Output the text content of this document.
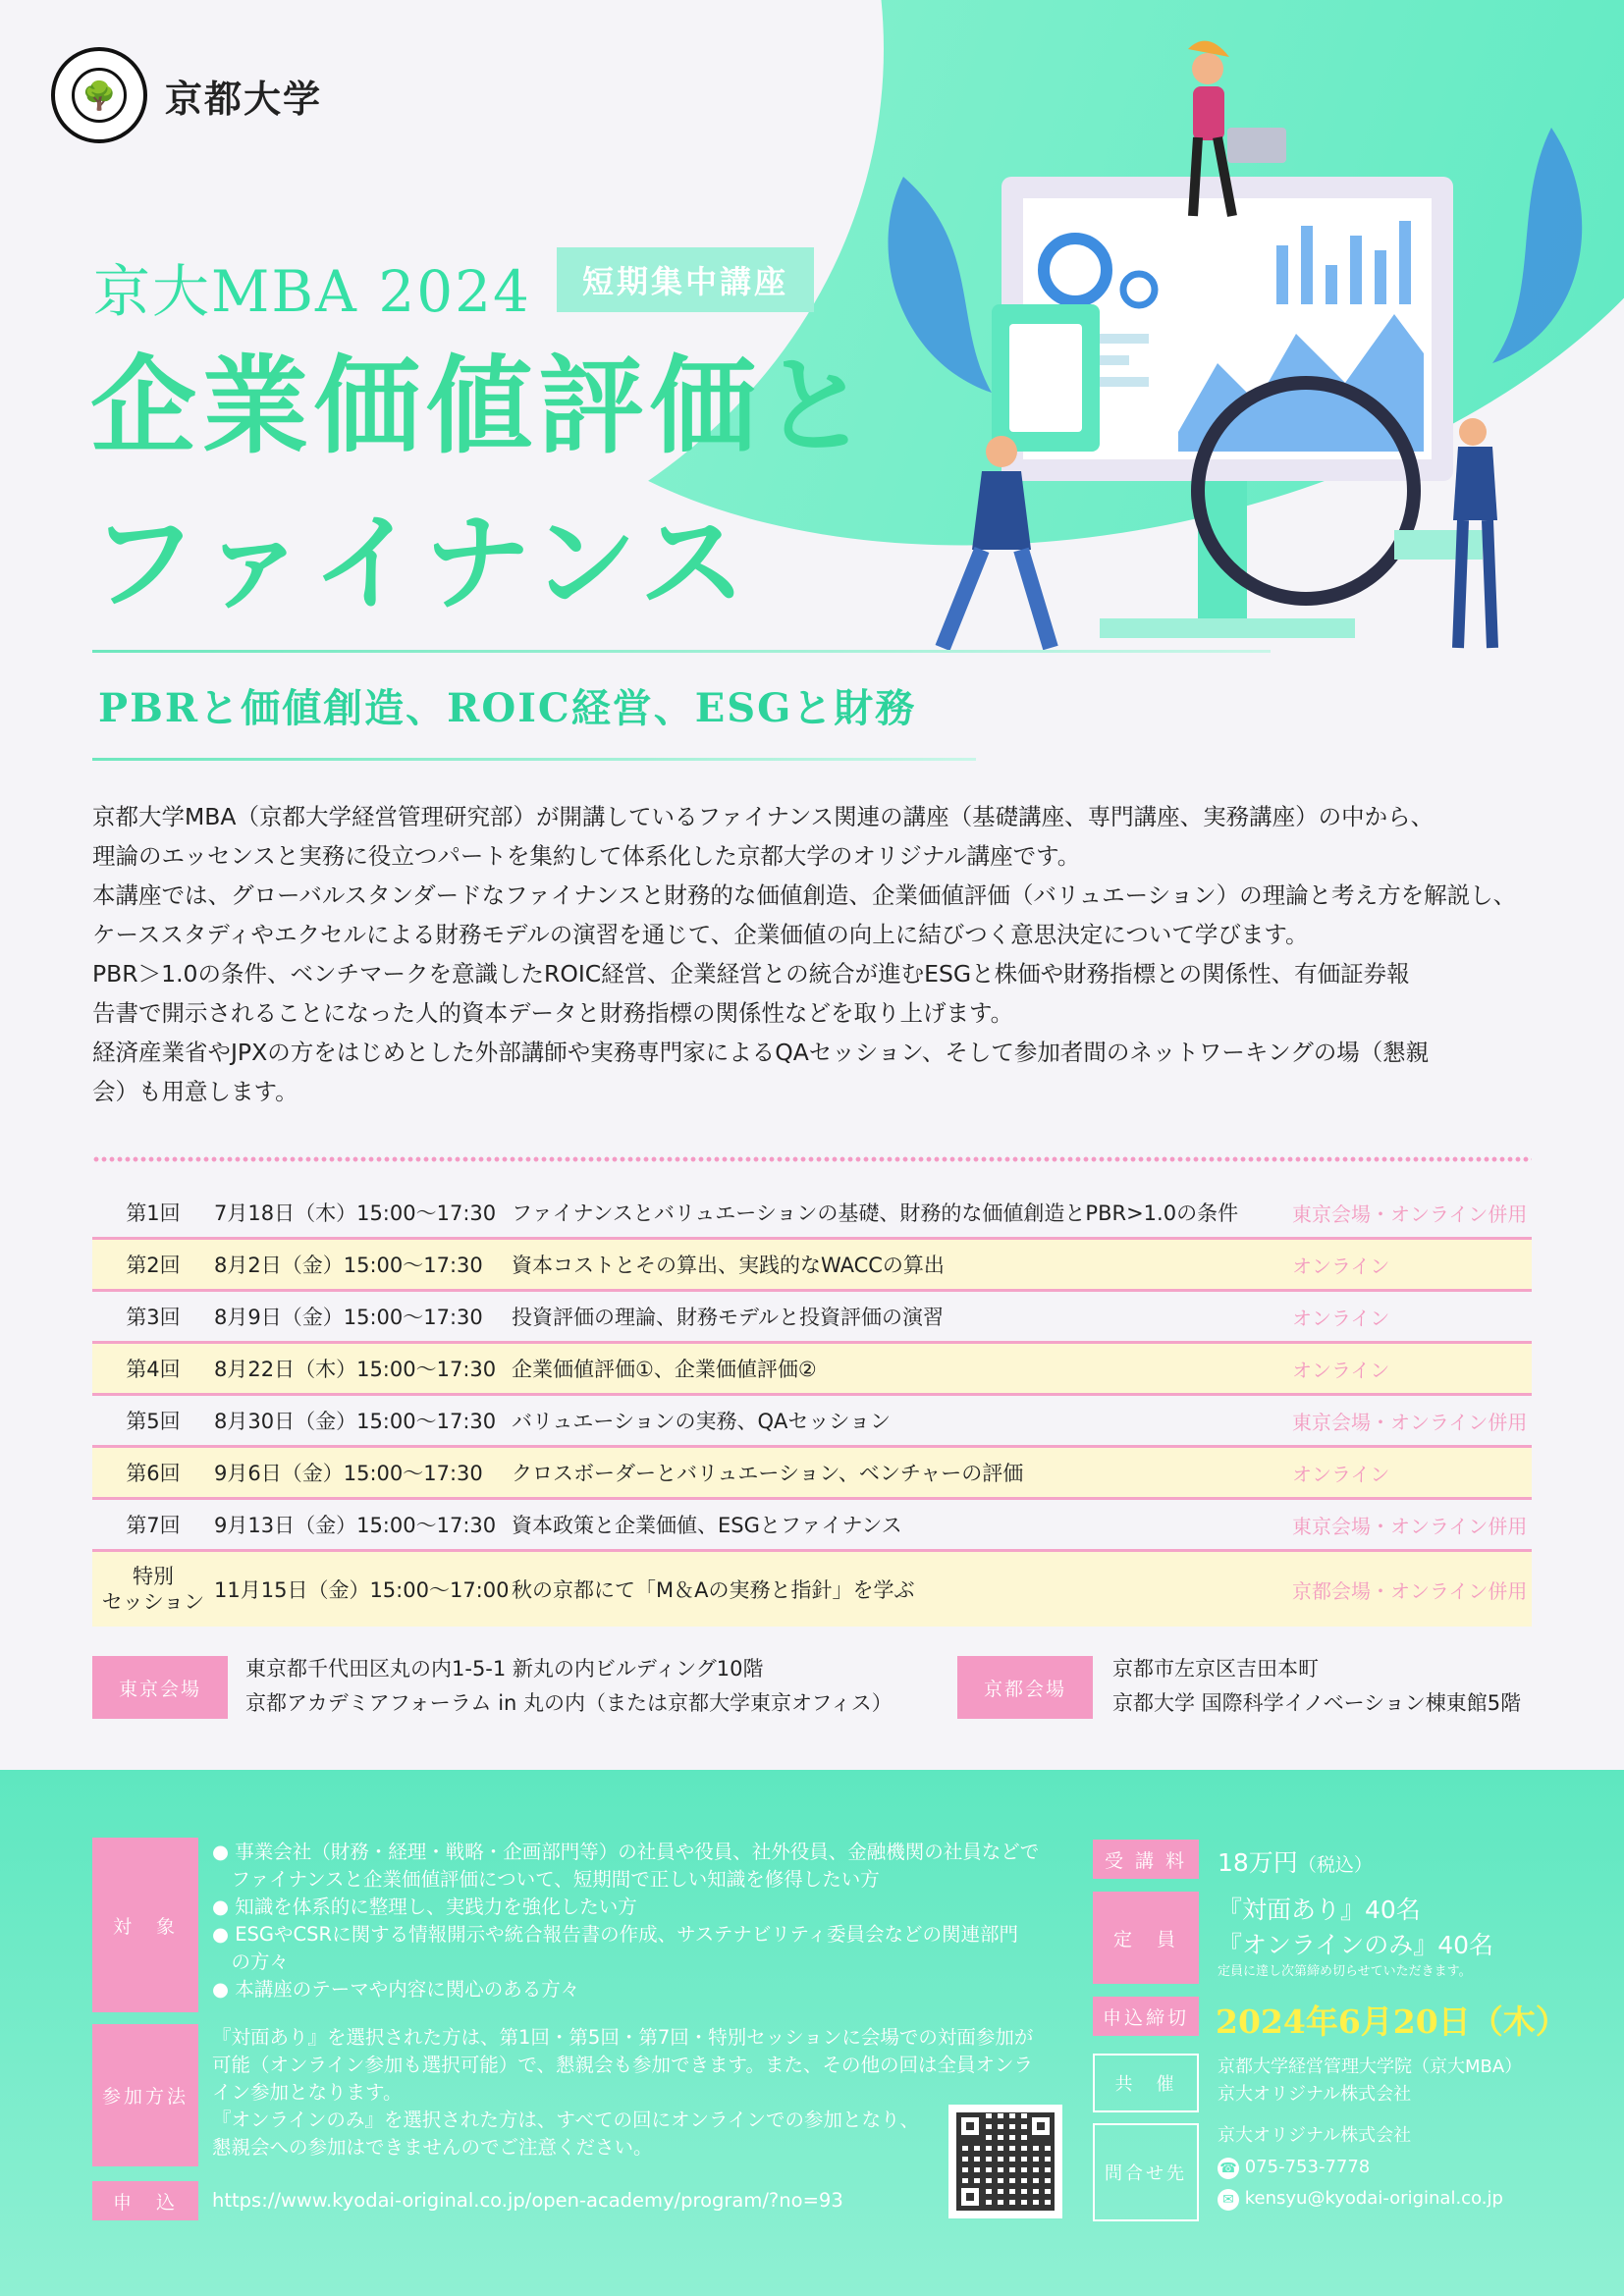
🌳 京都大学
京大MBA 2024	短期集中講座
企業価値評価と
ファイナンス
PBRと価値創造、ROIC経営、ESGと財務

京都大学MBA（京都大学経営管理研究部）が開講しているファイナンス関連の講座（基礎講座、専門講座、実務講座）の中から、

理論のエッセンスと実務に役立つパートを集約して体系化した京都大学のオリジナル講座です。

本講座では、グローバルスタンダードなファイナンスと財務的な価値創造、企業価値評価（バリュエーション）の理論と考え方を解説し、

ケーススタディやエクセルによる財務モデルの演習を通じて、企業価値の向上に結びつく意思決定について学びます。

PBR＞1.0の条件、ベンチマークを意識したROIC経営、企業経営との統合が進むESGと株価や財務指標との関係性、有価証券報

告書で開示されることになった人的資本データと財務指標の関係性などを取り上げます。

経済産業省やJPXの方をはじめとした外部講師や実務専門家によるQAセッション、そして参加者間のネットワーキングの場（懇親

会）も用意します。

第1回	7月18日（木）15:00〜17:30 ファイナンスとバリュエーションの基礎、財務的な価値創造とPBR>1.0の条件	東京会場・オンライン併用
第2回	8月2日（金）15:00〜17:30	資本コストとその算出、実践的なWACCの算出	オンライン
第3回	8月9日（金）15:00〜17:30	投資評価の理論、財務モデルと投資評価の演習	オンライン
第4回	8月22日（木）15:00〜17:30 企業価値評価①、企業価値評価②	オンライン
第5回	8月30日（金）15:00〜17:30 バリュエーションの実務、QAセッション	東京会場・オンライン併用
第6回	9月6日（金）15:00〜17:30	クロスボーダーとバリュエーション、ベンチャーの評価	オンライン
第7回	9月13日（金）15:00〜17:30 資本政策と企業価値、ESGとファイナンス	東京会場・オンライン併用
特別
セッション 11月15日（金）15:00〜17:00 秋の京都にて「M＆Aの実務と指針」を学ぶ	京都会場・オンライン併用
東京会場
東京都千代田区丸の内1-5-1 新丸の内ビルディング10階
京都アカデミアフォーラム in 丸の内（または京都大学東京オフィス）
京都会場
京都市左京区吉田本町
京都大学 国際科学イノベーション棟東館5階
対　象
● 事業会社（財務・経理・戦略・企画部門等）の社員や役員、社外役員、金融機関の社員などで
　ファイナンスと企業価値評価について、短期間で正しい知識を修得したい方
● 知識を体系的に整理し、実践力を強化したい方
● ESGやCSRに関する情報開示や統合報告書の作成、サステナビリティ委員会などの関連部門
　の方々
● 本講座のテーマや内容に関心のある方々
参加方法
『対面あり』を選択された方は、第1回・第5回・第7回・特別セッションに会場での対面参加が
可能（オンライン参加も選択可能）で、懇親会も参加できます。また、その他の回は全員オンラ
イン参加となります。
『オンラインのみ』を選択された方は、すべての回にオンラインでの参加となり、
懇親会への参加はできませんのでご注意ください。
申　込	https://www.kyodai-original.co.jp/open-academy/program/?no=93
受 講 料	18万円（税込）
定　員
『対面あり』40名
『オンラインのみ』40名
定員に達し次第締め切らせていただきます。
申込締切 2024年6月20日（木）
共　催
京都大学経営管理大学院（京大MBA）
京大オリジナル株式会社
問合せ先
京大オリジナル株式会社
☎ 075-753-7778
✉ kensyu@kyodai-original.co.jp
